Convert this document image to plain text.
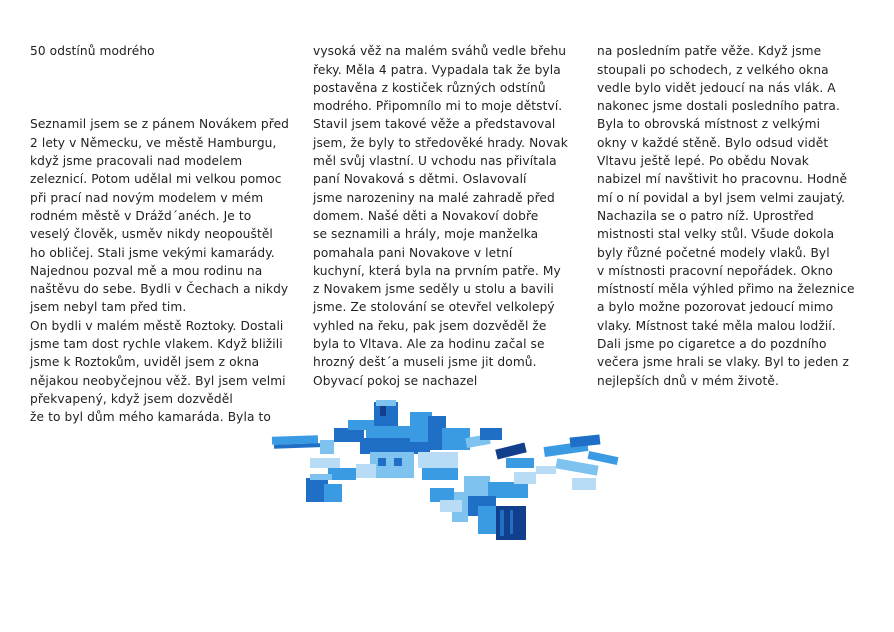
50 odstínů modrého

Seznamil jsem se z pánem Novákem před
2 lety v Německu, ve městě Hamburgu,
když jsme pracovali nad modelem
zeleznicí. Potom udělal mi velkou pomoc
při prací nad novým modelem v mém
rodném městě v Drážd´anéch. Je to
veselý člověk, usměv nikdy neopouštěl
ho obličej. Stali jsme vekými kamarády.
Najednou pozval mě a mou rodinu na
naštěvu do sebe. Bydli v Čechach a nikdy
jsem nebyl tam před tim.
On bydli v malém městě Roztoky. Dostali
jsme tam dost rychle vlakem. Když bližili
jsme k Roztokům, uviděl jsem z okna
nějakou neobyčejnou věž. Byl jsem velmi
překvapený, když jsem dozvěděl
že to byl dům mého kamaráda. Byla to

vysoká věž na malém sváhů vedle břehu
řeky. Měla 4 patra. Vypadala tak že byla
postavěna z kostiček různých odstínů
modrého. Připomnílo mi to moje dětství.
Stavil jsem takové věže a představoval
jsem, že byly to středověké hrady. Novak
měl svůj vlastní. U vchodu nas přivítala
paní Novaková s dětmi. Oslavovalí
jsme narozeniny na malé zahradě před
domem. Našé děti a Novakoví dobře
se seznamili a hrály, moje manželka
pomahala pani Novakove v letní
kuchyní, která byla na prvním patře. My
z Novakem jsme seděly u stolu a bavili
jsme. Ze stolování se otevřel velkolepý
vyhled na řeku, pak jsem dozvěděl že
byla to Vltava. Ale za hodinu začal se
hrozný dešt´a museli jsme jit domů.
Obyvací pokoj se nachazel

na posledním patře věže. Když jsme
stoupali po schodech, z velkého okna
vedle bylo vidět jedoucí na nás vlák. A
nakonec jsme dostali posledního patra.
Byla to obrovská místnost z velkými
okny v každé stěně. Bylo odsud vidět
Vltavu ještě lepé. Po obědu Novak
nabizel mí navštivit ho pracovnu. Hodně
mí o ní povidal a byl jsem velmi zaujatý.
Nachazila se o patro níž. Uprostřed
mistnosti stal velky stůl. Všude dokola
byly řůzné početné modely vlaků. Byl
v místnosti pracovní nepořádek. Okno
místností měla výhled přimo na železnice
a bylo možne pozorovat jedoucí mimo
vlaky. Místnost také měla malou lodžií.
Dali jsme po cigaretce a do pozdního
večera jsme hrali se vlaky. Byl to jeden z
nejlepších dnů v mém životě.
